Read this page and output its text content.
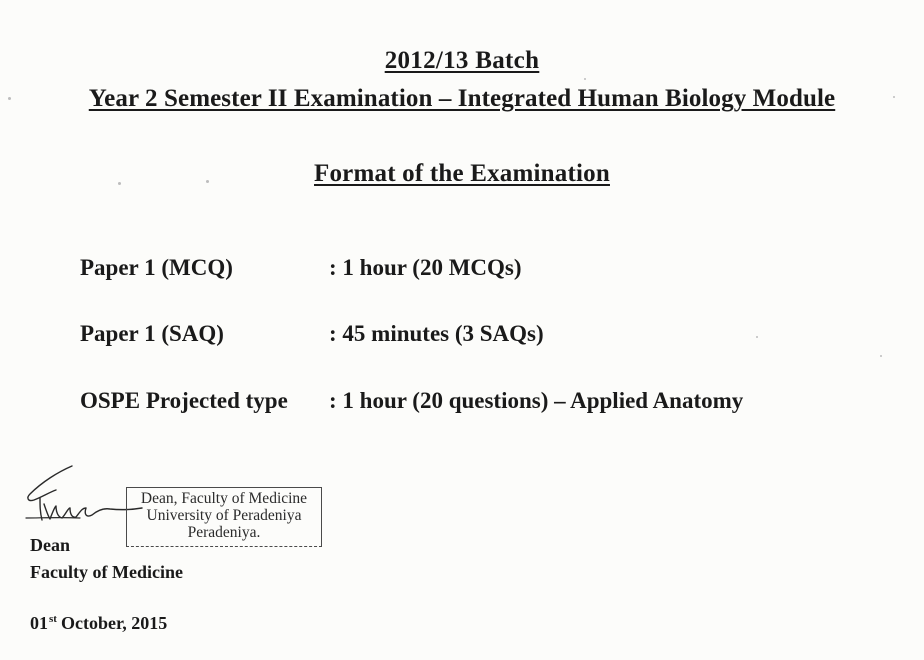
2012/13 Batch
Year 2 Semester II Examination – Integrated Human Biology Module
Format of the Examination
Paper 1 (MCQ)	: 1 hour (20 MCQs)
Paper 1 (SAQ)	: 45 minutes (3 SAQs)
OSPE Projected type : 1 hour (20 questions) – Applied Anatomy
Dean, Faculty of Medicine
University of Peradeniya
Peradeniya.
Dean
Faculty of Medicine
01st October, 2015
